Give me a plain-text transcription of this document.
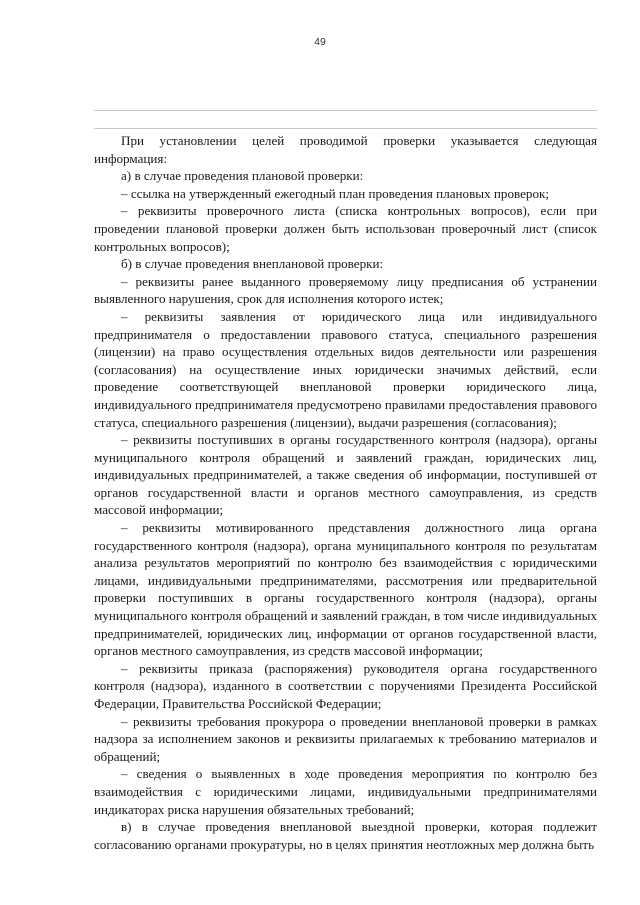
49

При установлении целей проводимой проверки указывается следующая информация:

а) в случае проведения плановой проверки:

– ссылка на утвержденный ежегодный план проведения плановых проверок;

– реквизиты проверочного листа (списка контрольных вопросов), если при проведении плановой проверки должен быть использован проверочный лист (список контрольных вопросов);

б) в случае проведения внеплановой проверки:

– реквизиты ранее выданного проверяемому лицу предписания об устранении выявленного нарушения, срок для исполнения которого истек;

– реквизиты заявления от юридического лица или индивидуального предпринимателя о предоставлении правового статуса, специального разрешения (лицензии) на право осуществления отдельных видов деятельности или разрешения (согласования) на осуществление иных юридически значимых действий, если проведение соответствующей внеплановой проверки юридического лица, индивидуального предпринимателя предусмотрено правилами предоставления правового статуса, специального разрешения (лицензии), выдачи разрешения (согласования);

– реквизиты поступивших в органы государственного контроля (надзора), органы муниципального контроля обращений и заявлений граждан, юридических лиц, индивидуальных предпринимателей, а также сведения об информации, поступившей от органов государственной власти и органов местного самоуправления, из средств массовой информации;

– реквизиты мотивированного представления должностного лица органа государственного контроля (надзора), органа муниципального контроля по результатам анализа результатов мероприятий по контролю без взаимодействия с юридическими лицами, индивидуальными предпринимателями, рассмотрения или предварительной проверки поступивших в органы государственного контроля (надзора), органы муниципального контроля обращений и заявлений граждан, в том числе индивидуальных предпринимателей, юридических лиц, информации от органов государственной власти, органов местного самоуправления, из средств массовой информации;

– реквизиты приказа (распоряжения) руководителя органа государственного контроля (надзора), изданного в соответствии с поручениями Президента Российской Федерации, Правительства Российской Федерации;

– реквизиты требования прокурора о проведении внеплановой проверки в рамках надзора за исполнением законов и реквизиты прилагаемых к требованию материалов и обращений;

– сведения о выявленных в ходе проведения мероприятия по контролю без взаимодействия с юридическими лицами, индивидуальными предпринимателями индикаторах риска нарушения обязательных требований;

в) в случае проведения внеплановой выездной проверки, которая подлежит согласованию органами прокуратуры, но в целях принятия неотложных мер должна быть
